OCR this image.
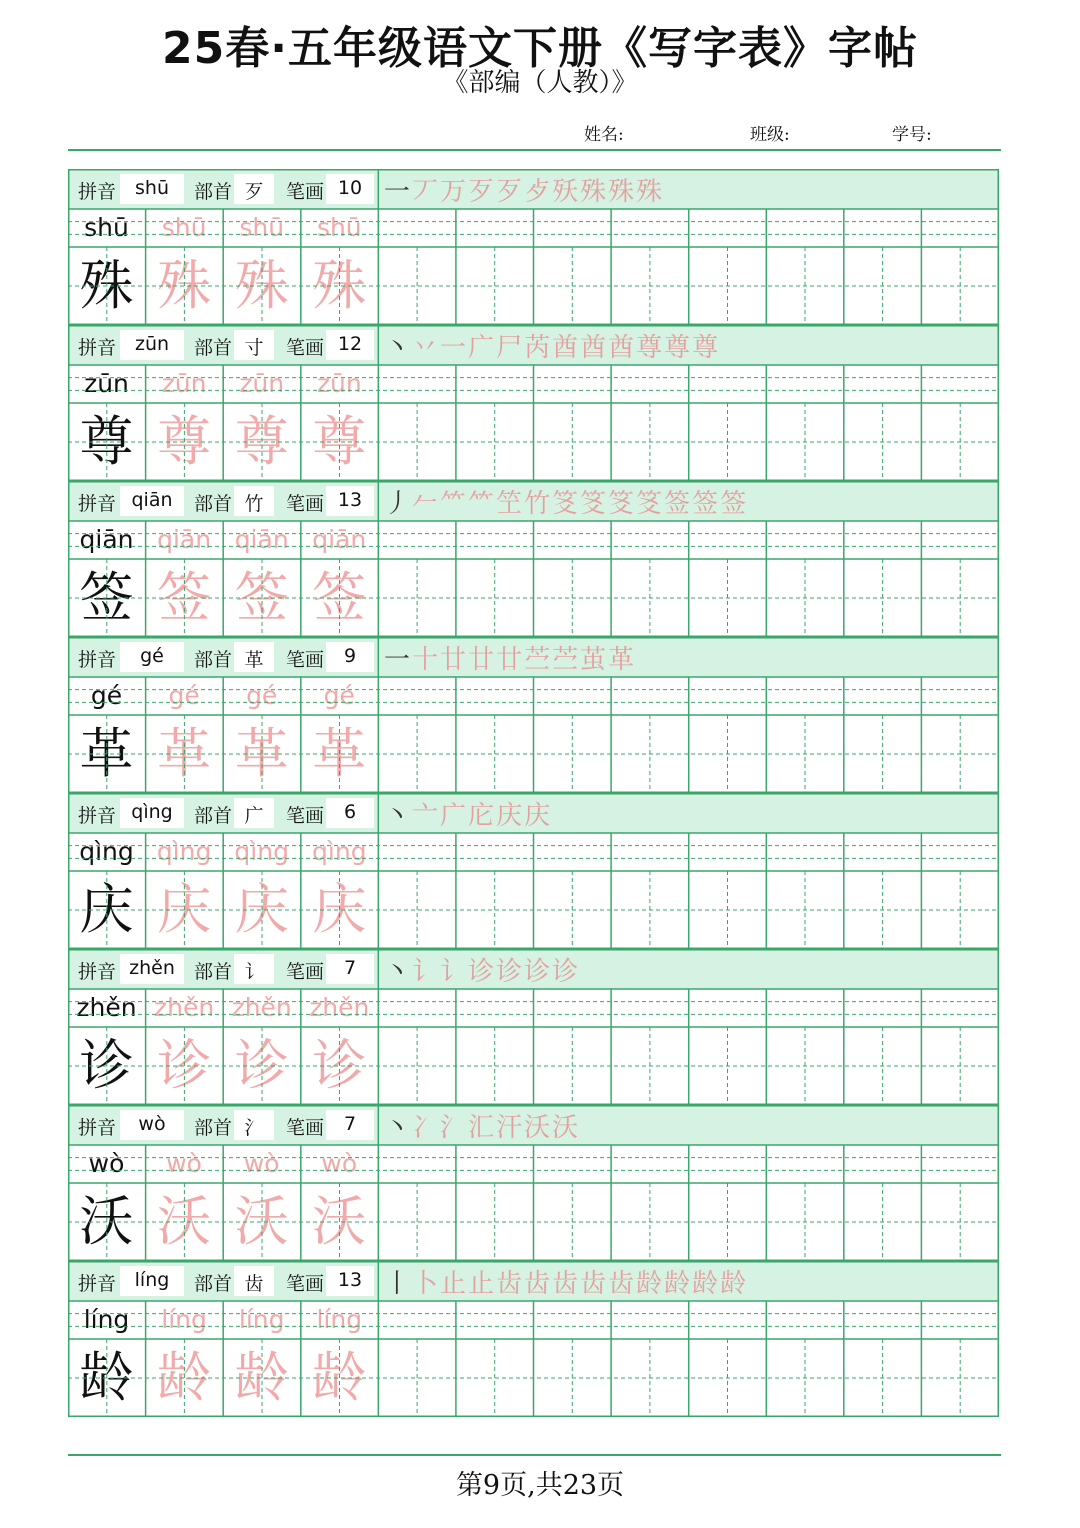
25春·五年级语文下册《写字表》字帖
《部编（人教）》
姓名:	班级:	学号:
拼音 shū	部首 歹	笔画 10 一丆万歹歹歺殀殊殊殊
shū
殊
shū
殊
shū
殊
shū
殊
拼音 zūn	部首 寸	笔画 12 丶丷一广尸芮酋酋酋尊尊尊
zūn
尊
zūn
尊
zūn
尊
zūn
尊
拼音 qiān	部首 竹	笔画 13 丿𠂉⺮⺮笁竹笅笅笅笅签签签
qiān
签
qiān
签
qiān
签
qiān
签
拼音	gé	部首 革	笔画	9	一十廿廿廿苎苎茧革
gé
革
gé
革
gé
革
gé
革
拼音 qìng	部首 广	笔画	6	丶亠广庀庆庆
qìng
庆
qìng
庆
qìng
庆
qìng
庆
拼音 zhěn	部首 讠	笔画	7	丶讠讠诊诊诊诊
zhěn
诊
zhěn
诊
zhěn
诊
zhěn
诊
拼音	wò	部首 氵	笔画	7	丶冫氵汇汗沃沃
wò
沃
wò
沃
wò
沃
wò
沃
拼音 líng	部首 齿	笔画 13 丨卜止止齿齿齿齿齿龄龄龄龄
líng
龄
líng
龄
líng
龄
líng
龄
第9页,共23页
